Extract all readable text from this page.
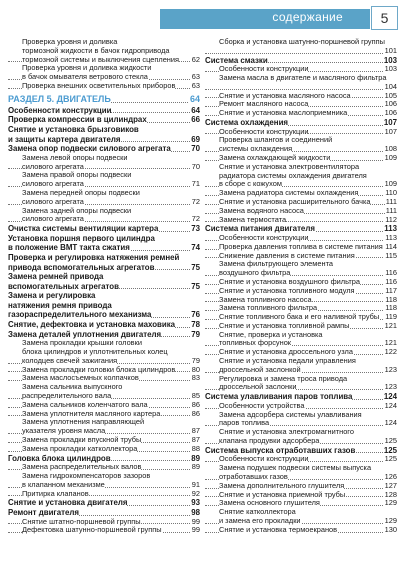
содержание	5
Проверка уровня и доливка
тормозной жидкости в бачок гидропривода
тормозной системы и выключения сцепления 62
Проверка уровня и доливка жидкости
в бачок омывателя ветрового стекла	63
Проверка внешних осветительных приборов 63
РАЗДЕЛ 5. ДВИГАТЕЛЬ	64
Особенности конструкции	64
Проверка компрессии в цилиндрах	66
Снятие и установка брызговиков
и защиты картера двигателя	69
Замена опор подвески силового агрегата	70
Замена левой опоры подвески
силового агрегата	70
Замена правой опоры подвески
силового агрегата	71
Замена передней опоры подвески
силового агрегата	72
Замена задней опоры подвески
силового агрегата	72
Очистка системы вентиляции картера	73
Установка поршня первого цилиндра
в положение ВМТ такта сжатия	74
Проверка и регулировка натяжения ремней
привода вспомогательных агрегатов	75
Замена ремней привода
вспомогательных агрегатов	75
Замена и регулировка
натяжения ремня привода
газораспределительного механизма	76
Снятие, дефектовка и установка маховика 78
Замена деталей уплотнения двигателя	79
Замена прокладки крышки головки
блока цилиндров и уплотнительных колец
колодцев свечей зажигания	79
Замена прокладки головки блока цилиндров 80
Замена маслосъемных колпачков	83
Замена сальника выпускного
распределительного вала	85
Замена сальников коленчатого вала	86
Замена уплотнителя масляного картера	86
Замена уплотнения направляющей
указателя уровня масла	87
Замена прокладки впускной трубы	87
Замена прокладки катколлектора	88
Головка блока цилиндров	89
Замена распределительных валов	89
Замена гидрокомпенсаторов зазоров
в клапанном механизме	91
Притирка клапанов	92
Снятие и установка двигателя	93
Ремонт двигателя	98
Снятие штатно-поршневой группы	99
Дефектовка шатунно-поршневой группы	99
Сборка и установка шатунно-поршневой группы
101
Система смазки	103
Особенности конструкции	103
Замена масла в двигателе и масляного фильтра
104
Снятие и установка масляного насоса	105
Ремонт масляного насоса	106
Снятие и установка маслоприемника	106
Система охлаждения	107
Особенности конструкции	107
Проверка шлангов и соединений
системы охлаждения	108
Замена охлаждающей жидкости	109
Снятие и установка электровентилятора
радиатора системы охлаждения двигателя
в сборе с кожухом	109
Замена радиатора системы охлаждения	110
Снятие и установка расширительного бачка 111
Замена водяного насоса	111
Замена термостата	112
Система питания двигателя	113
Особенности конструкции	113
Проверка давления топлива в системе питания 114
Снижение давления в системе питания	115
Замена фильтрующего элемента
воздушного фильтра	116
Снятие и установка воздушного фильтра	116
Снятие и установка топливного модуля	117
Замена топливного насоса	118
Замена топливного фильтра	118
Снятие топливного бака и его наливной трубы 119
Снятие и установка топливной рампы	121
Снятие, проверка и установка
топливных форсунок	121
Снятие и установка дроссельного узла	122
Снятие и установка педали управления
дроссельной заслонкой	123
Регулировка и замена троса привода
дроссельной заслонки	123
Система улавливания паров топлива	124
Особенности устройства	124
Замена адсорбера системы улавливания
паров топлива	124
Снятие и установка электромагнитного
клапана продувки адсорбера	125
Система выпуска отработавших газов	125
Особенности конструкции	125
Замена подушек подвески системы выпуска
отработавших газов	126
Замена дополнительного глушителя	127
Снятие и установка приемной трубы	128
Замена основного глушителя	129
Снятие катколлектора
и замена его прокладки	129
Снятие и установка термоекранов	130
